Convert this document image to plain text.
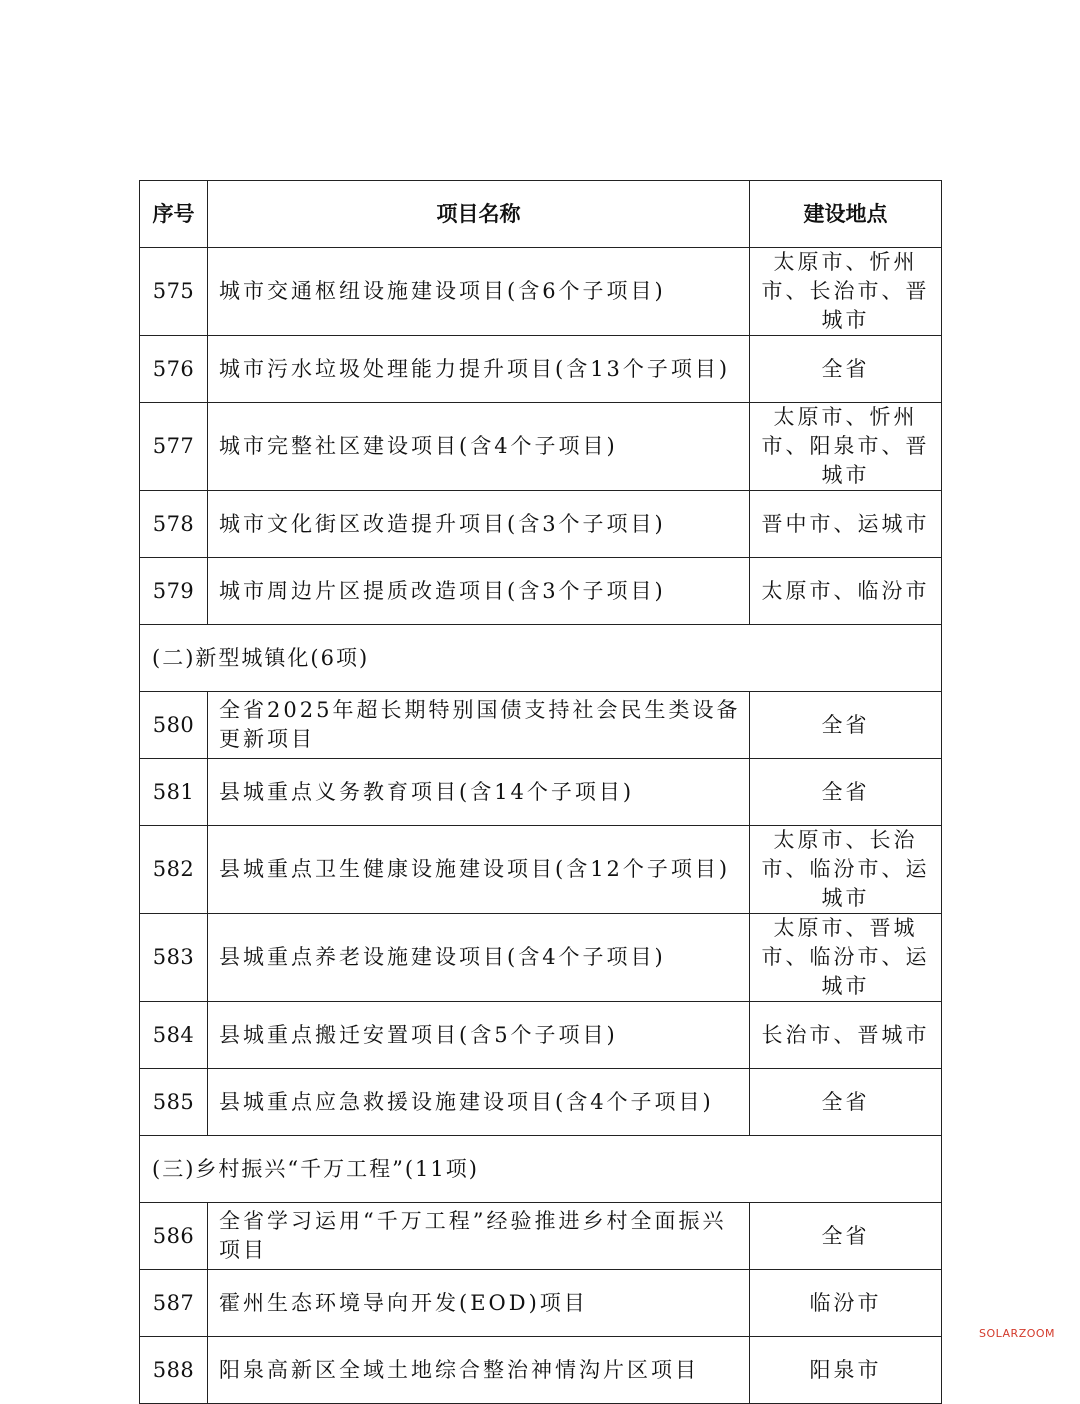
序号	项目名称	建设地点
575	城市交通枢纽设施建设项目(含6个子项目)	太原市、忻州市、长治市、晋城市
576	城市污水垃圾处理能力提升项目(含13个子项目)	全省
577	城市完整社区建设项目(含4个子项目)	太原市、忻州市、阳泉市、晋城市
578	城市文化街区改造提升项目(含3个子项目)	晋中市、运城市
579	城市周边片区提质改造项目(含3个子项目)	太原市、临汾市
(二)新型城镇化(6项)		
580	全省2025年超长期特别国债支持社会民生类设备更新项目	全省
581	县城重点义务教育项目(含14个子项目)	全省
582	县城重点卫生健康设施建设项目(含12个子项目)	太原市、长治市、临汾市、运城市
583	县城重点养老设施建设项目(含4个子项目)	太原市、晋城市、临汾市、运城市
584	县城重点搬迁安置项目(含5个子项目)	长治市、晋城市
585	县城重点应急救援设施建设项目(含4个子项目)	全省
(三)乡村振兴“千万工程”(11项)		
586	全省学习运用“千万工程”经验推进乡村全面振兴项目	全省
587	霍州生态环境导向开发(EOD)项目	临汾市
588	阳泉高新区全域土地综合整治神情沟片区项目	阳泉市
SOLARZOOM
